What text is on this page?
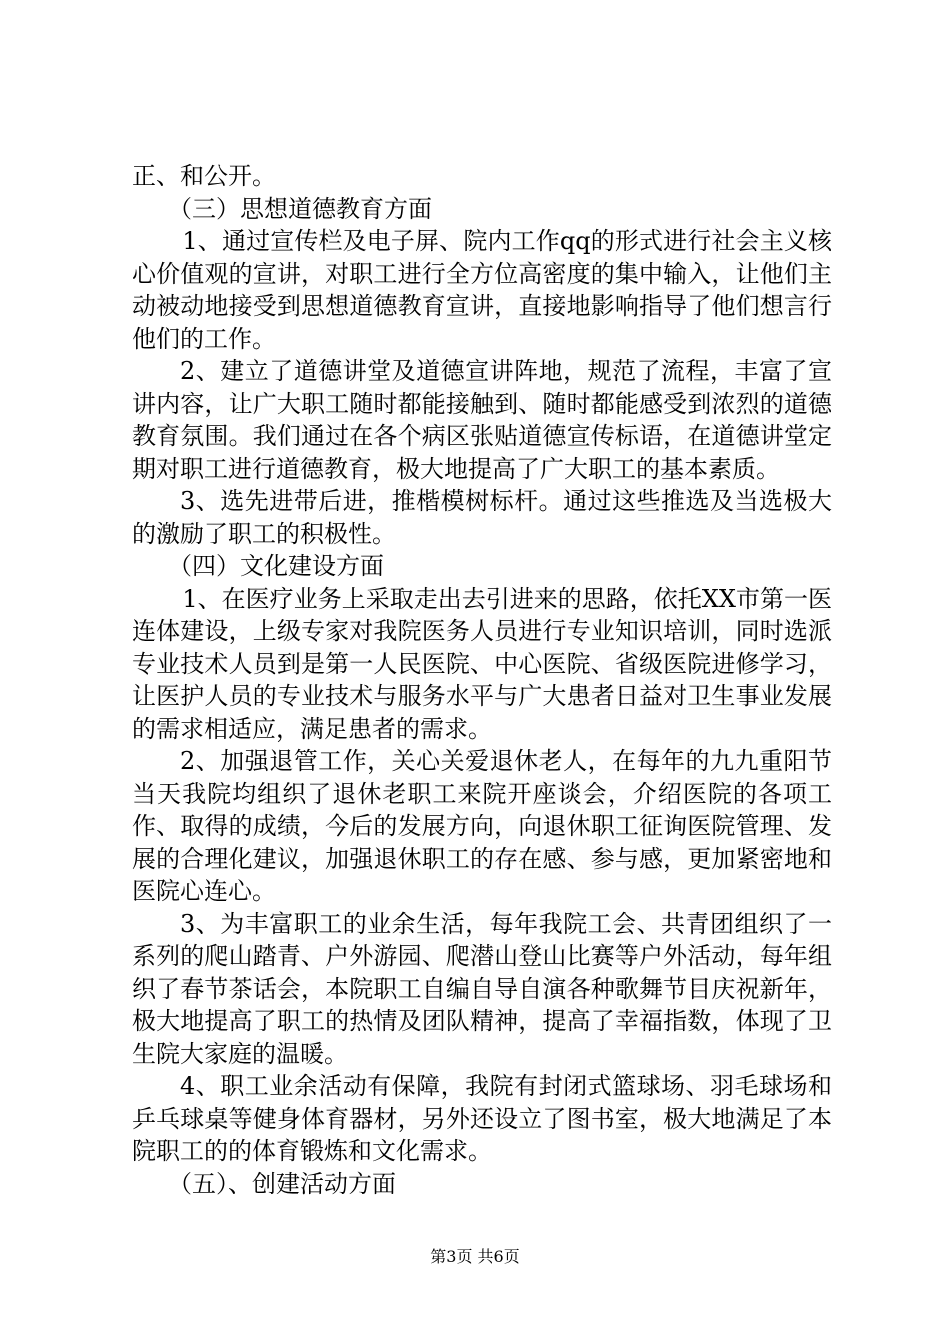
正、和公开。

（三）思想道德教育方面

1、通过宣传栏及电子屏、院内工作qq的形式进行社会主义核心价值观的宣讲，对职工进行全方位高密度的集中输入，让他们主动被动地接受到思想道德教育宣讲，直接地影响指导了他们想言行他们的工作。

2、建立了道德讲堂及道德宣讲阵地，规范了流程，丰富了宣讲内容，让广大职工随时都能接触到、随时都能感受到浓烈的道德教育氛围。我们通过在各个病区张贴道德宣传标语，在道德讲堂定期对职工进行道德教育，极大地提高了广大职工的基本素质。

3、选先进带后进，推楷模树标杆。通过这些推选及当选极大的激励了职工的积极性。

（四）文化建设方面

1、在医疗业务上采取走出去引进来的思路，依托XX市第一医连体建设，上级专家对我院医务人员进行专业知识培训，同时选派专业技术人员到是第一人民医院、中心医院、省级医院进修学习，让医护人员的专业技术与服务水平与广大患者日益对卫生事业发展的需求相适应，满足患者的需求。

2、加强退管工作，关心关爱退休老人，在每年的九九重阳节当天我院均组织了退休老职工来院开座谈会，介绍医院的各项工作、取得的成绩，今后的发展方向，向退休职工征询医院管理、发展的合理化建议，加强退休职工的存在感、参与感，更加紧密地和医院心连心。

3、为丰富职工的业余生活，每年我院工会、共青团组织了一系列的爬山踏青、户外游园、爬潜山登山比赛等户外活动，每年组织了春节茶话会，本院职工自编自导自演各种歌舞节目庆祝新年，极大地提高了职工的热情及团队精神，提高了幸福指数，体现了卫生院大家庭的温暖。

4、职工业余活动有保障，我院有封闭式篮球场、羽毛球场和乒乓球桌等健身体育器材，另外还设立了图书室，极大地满足了本院职工的的体育锻炼和文化需求。

（五）、创建活动方面

第3页 共6页
